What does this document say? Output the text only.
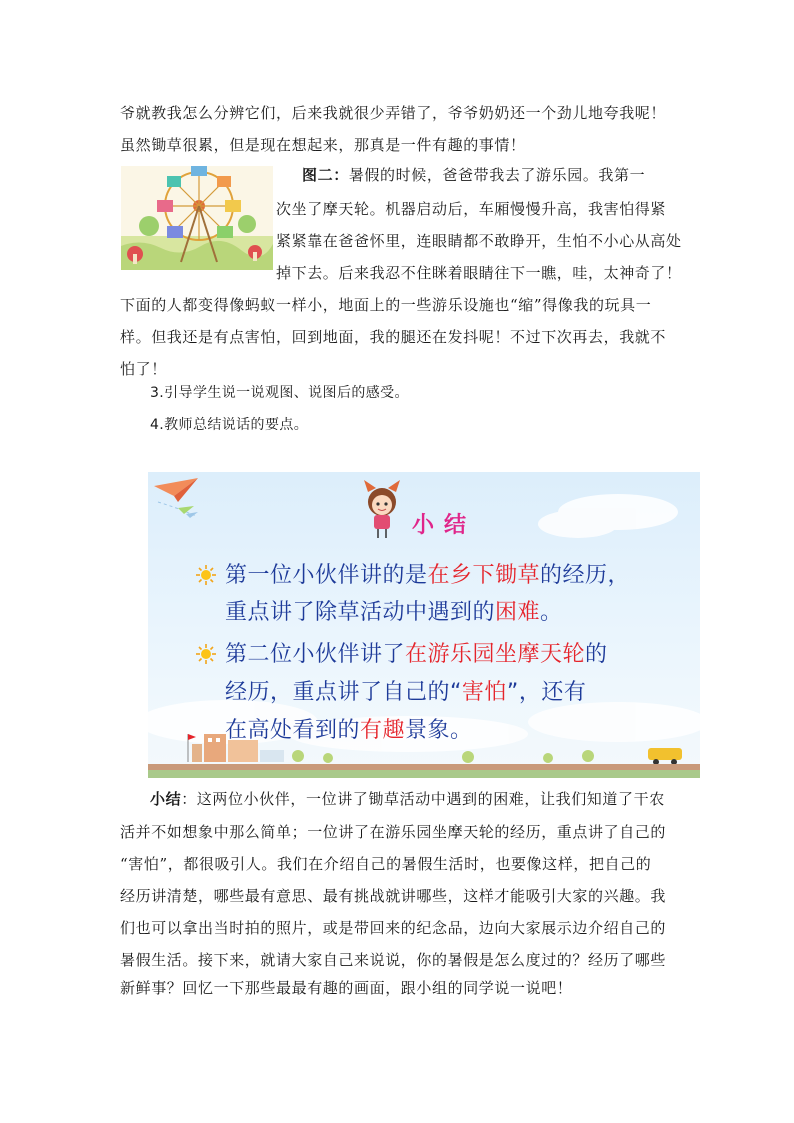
爷就教我怎么分辨它们，后来我就很少弄错了，爷爷奶奶还一个劲儿地夸我呢！
虽然锄草很累，但是现在想起来，那真是一件有趣的事情！
图二：暑假的时候，爸爸带我去了游乐园。我第一
次坐了摩天轮。机器启动后，车厢慢慢升高，我害怕得紧
紧紧靠在爸爸怀里，连眼睛都不敢睁开，生怕不小心从高处
掉下去。后来我忍不住眯着眼睛往下一瞧，哇，太神奇了！
下面的人都变得像蚂蚁一样小，地面上的一些游乐设施也“缩”得像我的玩具一
样。但我还是有点害怕，回到地面，我的腿还在发抖呢！不过下次再去，我就不
怕了！
3.引导学生说一说观图、说图后的感受。
4.教师总结说话的要点。
小结
第一位小伙伴讲的是在乡下锄草的经历，
重点讲了除草活动中遇到的困难。
第二位小伙伴讲了在游乐园坐摩天轮的
经历，重点讲了自己的“害怕”，还有
在高处看到的有趣景象。
小结：这两位小伙伴，一位讲了锄草活动中遇到的困难，让我们知道了干农
活并不如想象中那么简单；一位讲了在游乐园坐摩天轮的经历，重点讲了自己的
“害怕”，都很吸引人。我们在介绍自己的暑假生活时，也要像这样，把自己的
经历讲清楚，哪些最有意思、最有挑战就讲哪些，这样才能吸引大家的兴趣。我
们也可以拿出当时拍的照片，或是带回来的纪念品，边向大家展示边介绍自己的
暑假生活。接下来，就请大家自己来说说，你的暑假是怎么度过的？经历了哪些
新鲜事？回忆一下那些最最有趣的画面，跟小组的同学说一说吧！
